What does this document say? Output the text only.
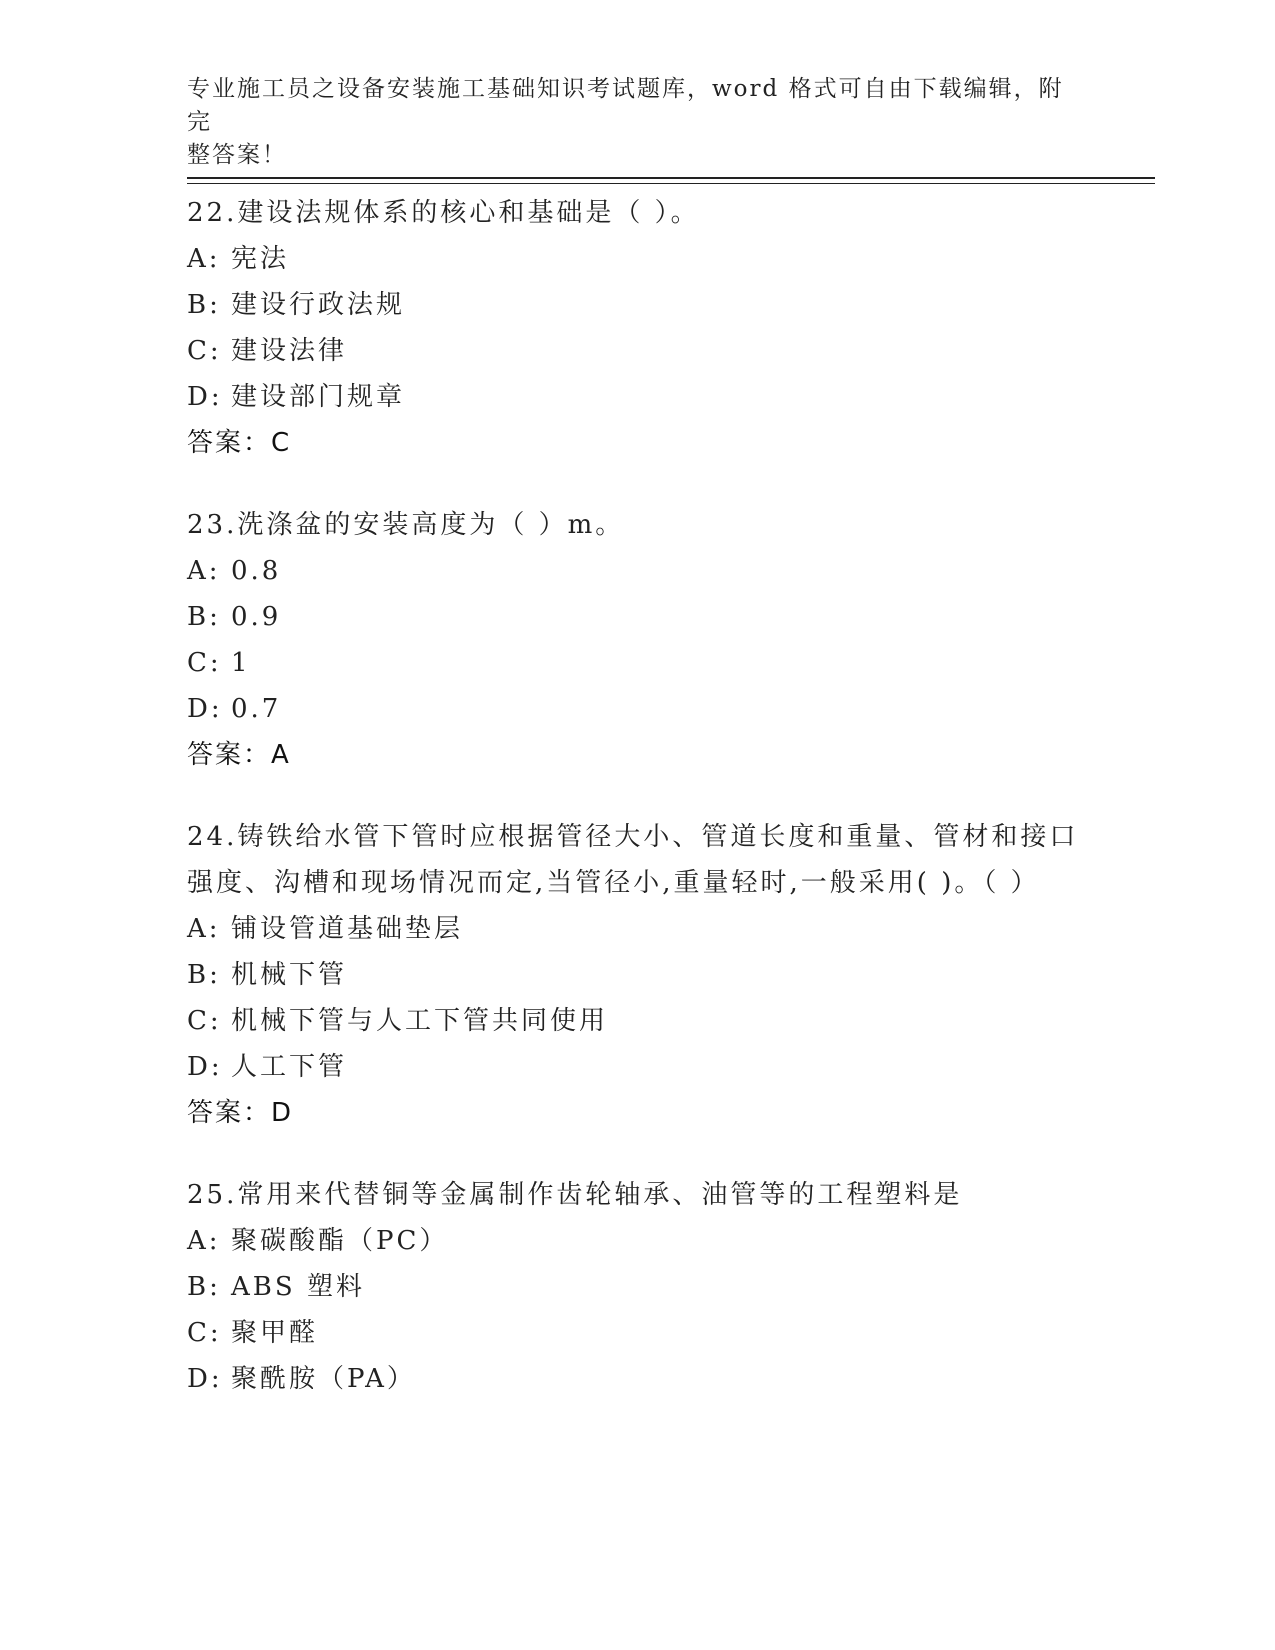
专业施工员之设备安装施工基础知识考试题库，word 格式可自由下载编辑，附完
整答案！
22.建设法规体系的核心和基础是（ ）。
A: 宪法
B: 建设行政法规
C: 建设法律
D: 建设部门规章
答案：C
23.洗涤盆的安装高度为（ ）m。
A: 0.8
B: 0.9
C: 1
D: 0.7
答案：A
24.铸铁给水管下管时应根据管径大小、管道长度和重量、管材和接口强度、沟槽和现场情况而定,当管径小,重量轻时,一般采用( )。（ ）
A: 铺设管道基础垫层
B: 机械下管
C: 机械下管与人工下管共同使用
D: 人工下管
答案：D
25.常用来代替铜等金属制作齿轮轴承、油管等的工程塑料是
A: 聚碳酸酯（PC）
B: ABS 塑料
C: 聚甲醛
D: 聚酰胺（PA）
